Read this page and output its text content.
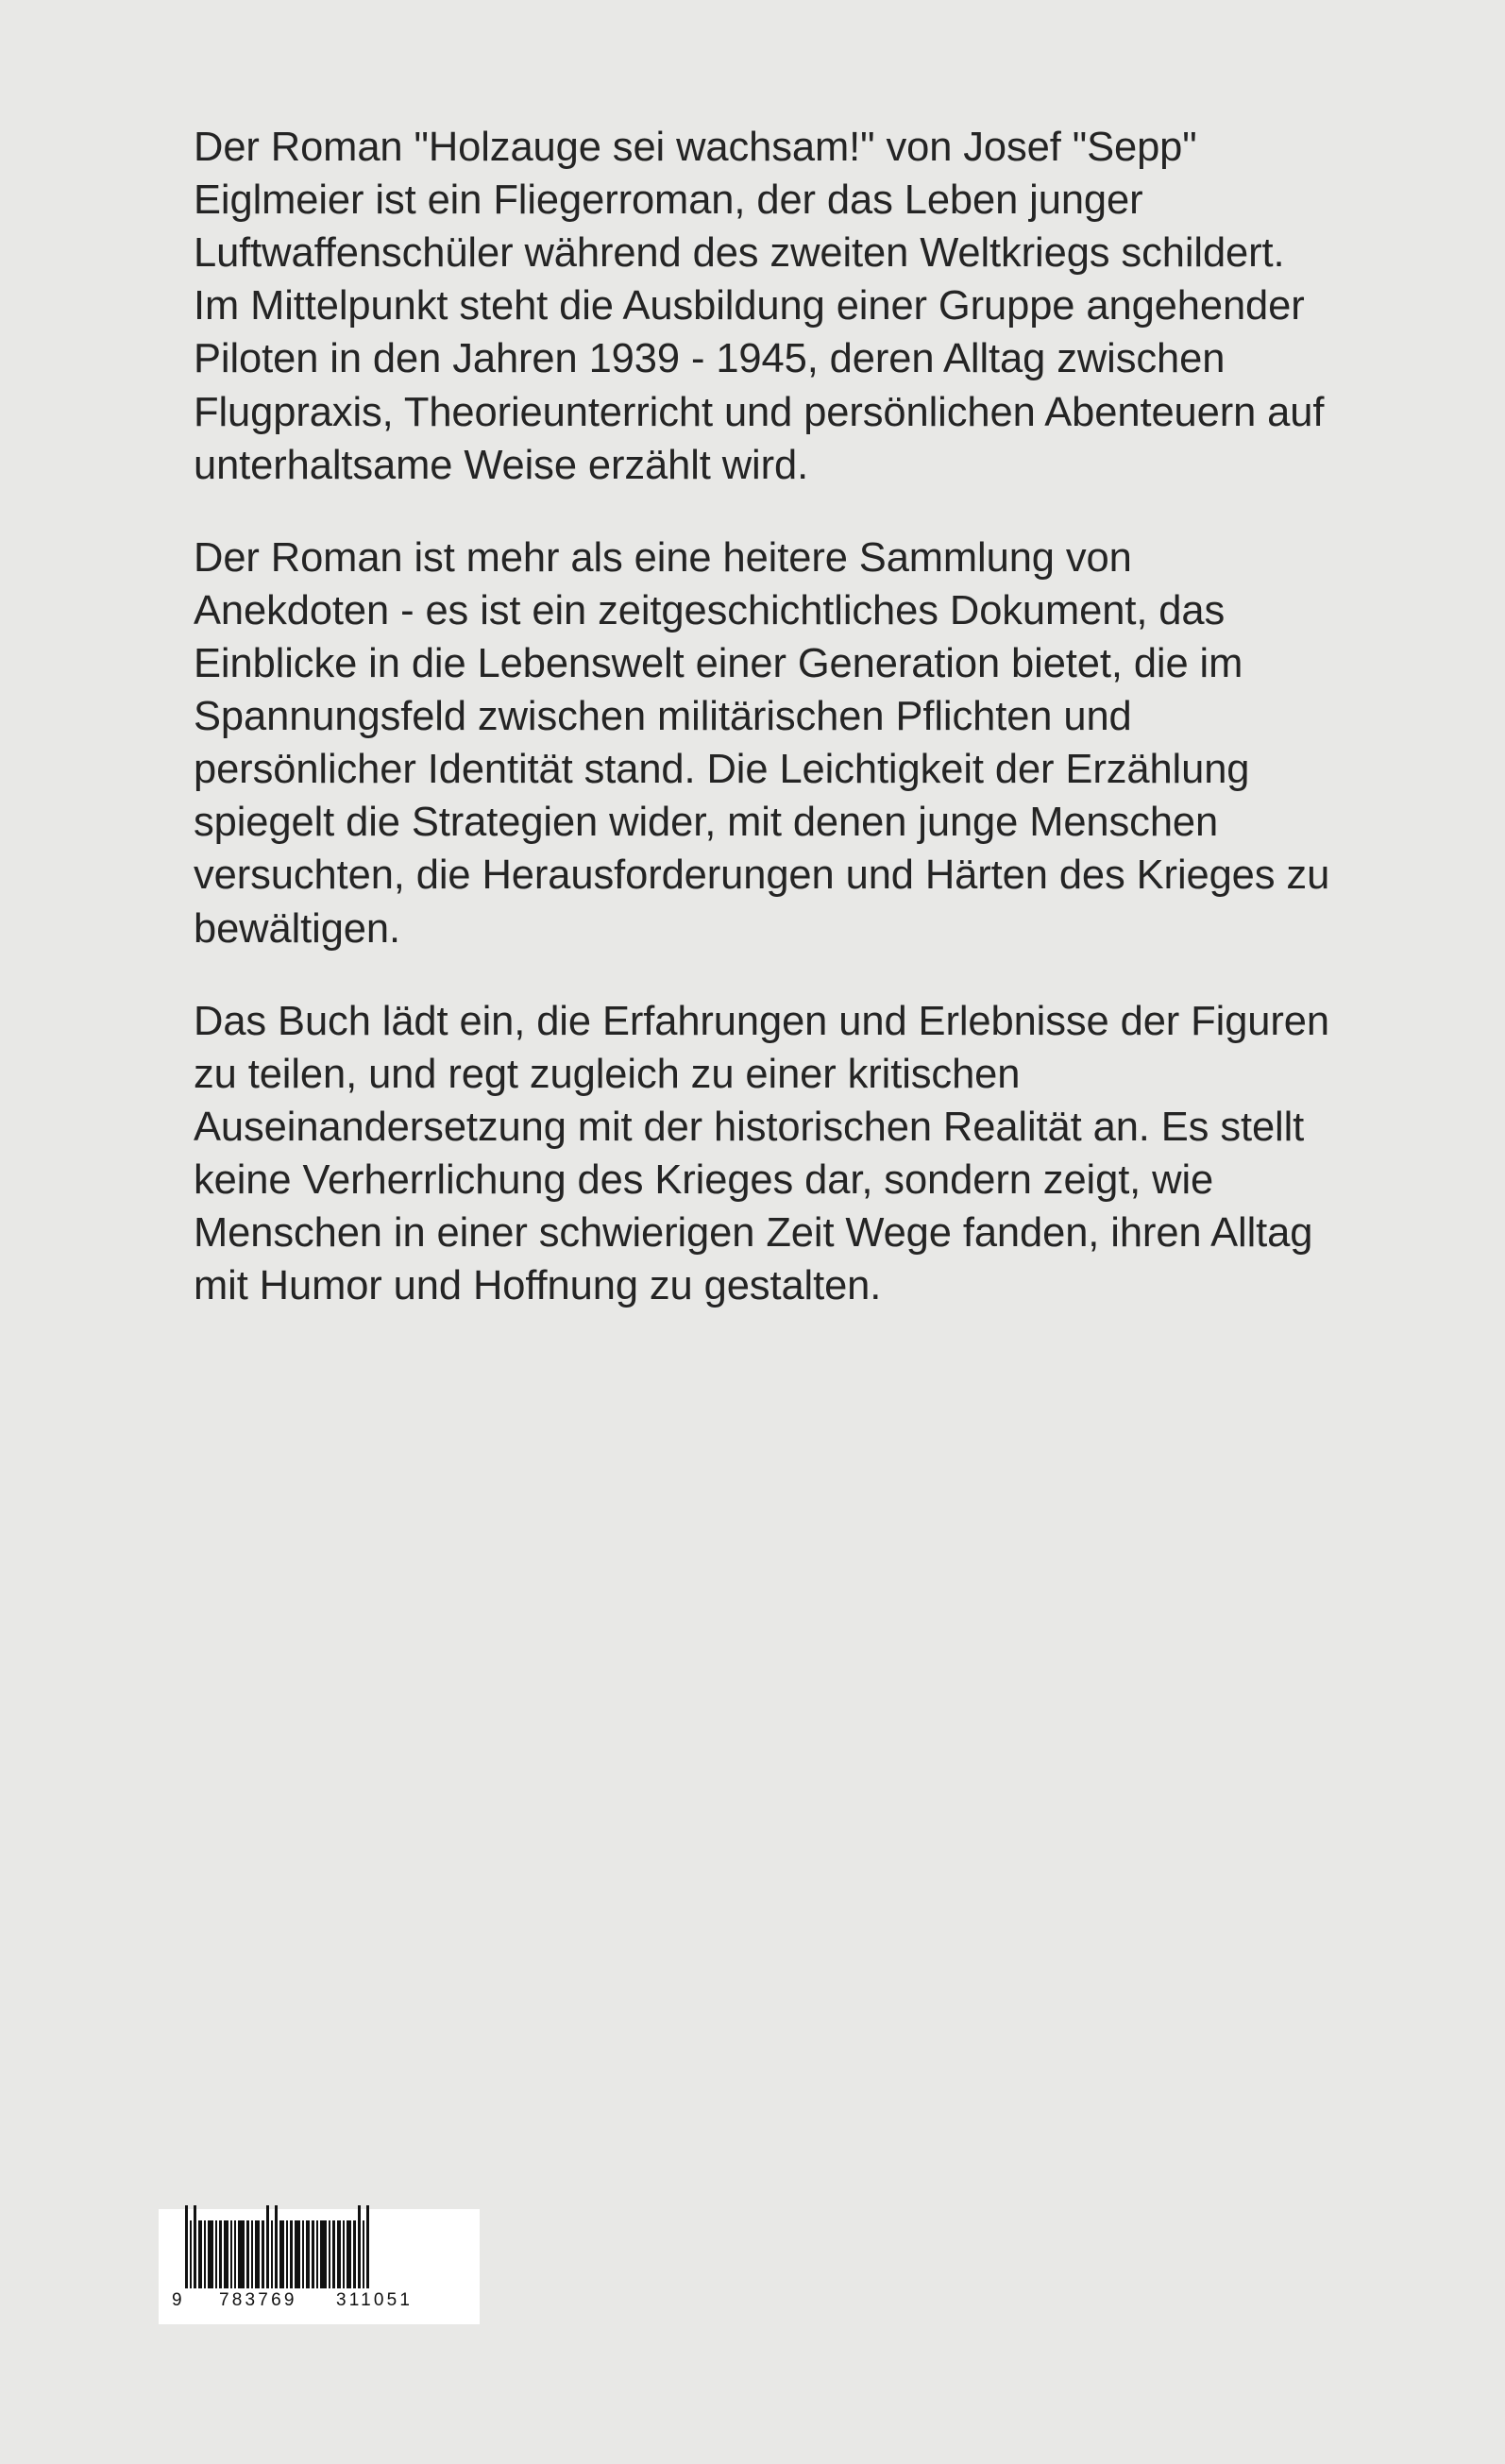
Der Roman "Holzauge sei wachsam!" von Josef "Sepp" Eiglmeier ist ein Fliegerroman, der das Leben junger Luftwaffenschüler während des zweiten Weltkriegs schildert. Im Mittelpunkt steht die Ausbildung einer Gruppe angehender Piloten in den Jahren 1939 - 1945, deren Alltag zwischen Flugpraxis, Theorieunterricht und persönlichen Abenteuern auf unterhaltsame Weise erzählt wird.

Der Roman ist mehr als eine heitere Sammlung von Anekdoten - es ist ein zeitgeschichtliches Dokument, das Einblicke in die Lebenswelt einer Generation bietet, die im Spannungsfeld zwischen militärischen Pflichten und persönlicher Identität stand. Die Leichtigkeit der Erzählung spiegelt die Strategien wider, mit denen junge Menschen versuchten, die Herausforderungen und Härten des Krieges zu bewältigen.

Das Buch lädt ein, die Erfahrungen und Erlebnisse der Figuren zu teilen, und regt zugleich zu einer kritischen Auseinandersetzung mit der historischen Realität an. Es stellt keine Verherrlichung des Krieges dar, sondern zeigt, wie Menschen in einer schwierigen Zeit Wege fanden, ihren Alltag mit Humor und Hoffnung zu gestalten.

9 783769 311051
